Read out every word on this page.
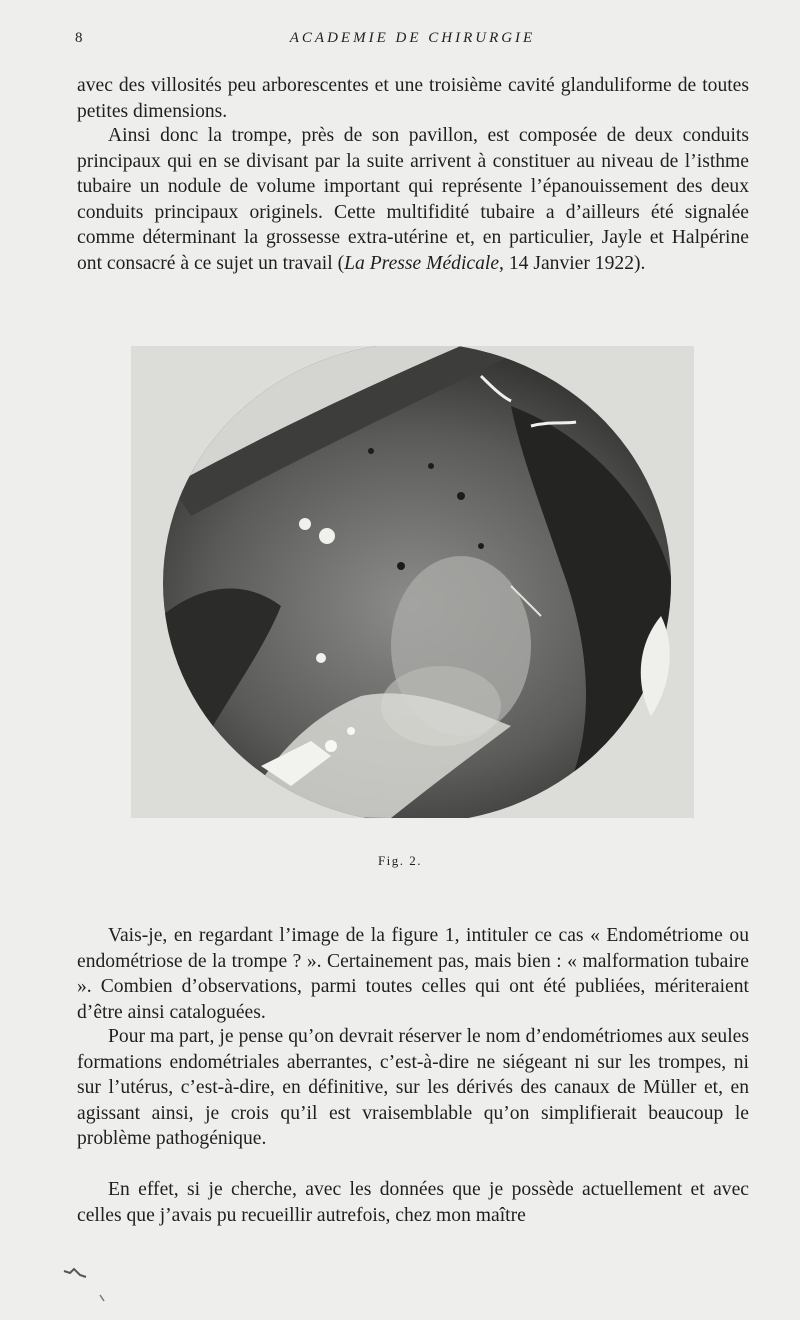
8	ACADEMIE DE CHIRURGIE

avec des villosités peu arborescentes et une troisième cavité glanduliforme de toutes petites dimensions.

Ainsi donc la trompe, près de son pavillon, est composée de deux conduits principaux qui en se divisant par la suite arrivent à constituer au niveau de l’isthme tubaire un nodule de volume important qui représente l’épanouissement des deux conduits principaux originels. Cette multifidité tubaire a d’ailleurs été signalée comme déterminant la grossesse extra-utérine et, en particulier, Jayle et Halpérine ont consacré à ce sujet un travail (La Presse Médicale, 14 Janvier 1922).

Fig. 2.

Vais-je, en regardant l’image de la figure 1, intituler ce cas « Endométriome ou endométriose de la trompe ? ». Certainement pas, mais bien : « malformation tubaire ». Combien d’observations, parmi toutes celles qui ont été publiées, mériteraient d’être ainsi cataloguées.

Pour ma part, je pense qu’on devrait réserver le nom d’endométriomes aux seules formations endométriales aberrantes, c’est-à-dire ne siégeant ni sur les trompes, ni sur l’utérus, c’est-à-dire, en définitive, sur les dérivés des canaux de Müller et, en agissant ainsi, je crois qu’il est vraisemblable qu’on simplifierait beaucoup le problème pathogénique.

En effet, si je cherche, avec les données que je possède actuellement et avec celles que j’avais pu recueillir autrefois, chez mon maître
